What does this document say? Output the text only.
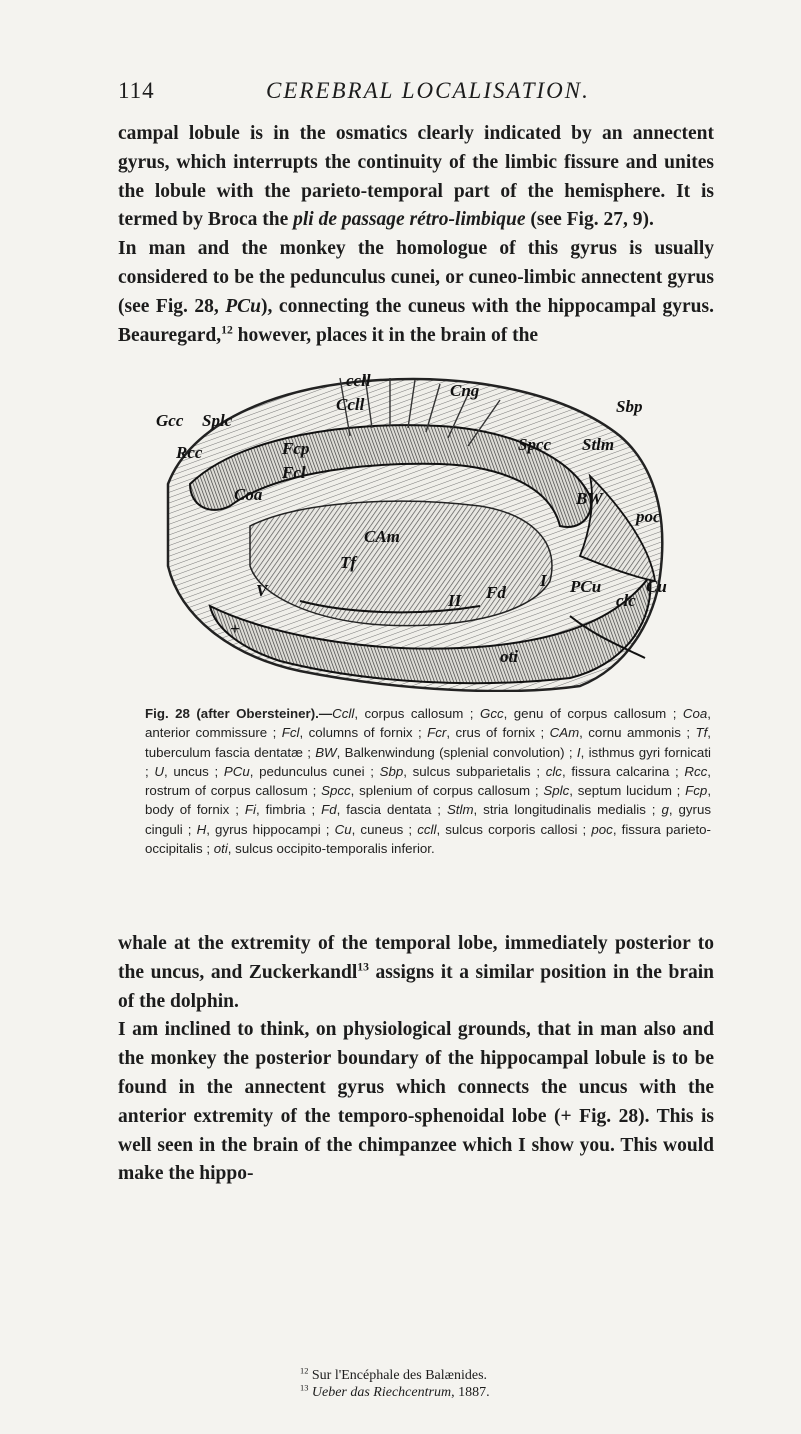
114	CEREBRAL LOCALISATION.

campal lobule is in the osmatics clearly indicated by an annectent gyrus, which interrupts the continuity of the limbic fissure and unites the lobule with the parieto-temporal part of the hemisphere. It is termed by Broca the pli de passage rétro-limbique (see Fig. 27, 9).

In man and the monkey the homologue of this gyrus is usually considered to be the pedunculus cunei, or cuneo-limbic annectent gyrus (see Fig. 28, PCu), connecting the cuneus with the hippocampal gyrus. Beauregard,$^{12}$ however, places it in the brain of the

ccll
Cng
Gcc Splc
Ccll	Sbp
Rcc	Fcp	Spcc Stlm
Coa
Fcl
BW
poc
CAm
V
I PCu	Cu
Tf
II Fd	clc
+
oti
Fig. 28 (after Obersteiner).—Ccll, corpus callosum ; Gcc, genu of corpus callosum ; Coa, anterior commissure ; Fcl, columns of fornix ; Fcr, crus of fornix ; CAm, cornu ammonis ; Tf, tuberculum fascia dentatæ ; BW, Balkenwindung (splenial convolution) ; I, isthmus gyri fornicati ; U, uncus ; PCu, pedunculus cunei ; Sbp, sulcus subparietalis ; clc, fissura calcarina ; Rcc, rostrum of corpus callosum ; Spcc, splenium of corpus callosum ; Splc, septum lucidum ; Fcp, body of fornix ; Fi, fimbria ; Fd, fascia dentata ; Stlm, stria longitudinalis medialis ; g, gyrus cinguli ; H, gyrus hippocampi ; Cu, cuneus ; ccll, sulcus corporis callosi ; poc, fissura parieto-occipitalis ; oti, sulcus occipito-temporalis inferior.

whale at the extremity of the temporal lobe, immediately posterior to the uncus, and Zuckerkandl$^{13}$ assigns it a similar position in the brain of the dolphin.

I am inclined to think, on physiological grounds, that in man also and the monkey the posterior boundary of the hippocampal lobule is to be found in the annectent gyrus which connects the uncus with the anterior extremity of the temporo-sphenoidal lobe (+ Fig. 28). This is well seen in the brain of the chimpanzee which I show you. This would make the hippo-

$^{12}$ Sur l'Encéphale des Balænides.
$^{13}$ Ueber das Riechcentrum, 1887.
